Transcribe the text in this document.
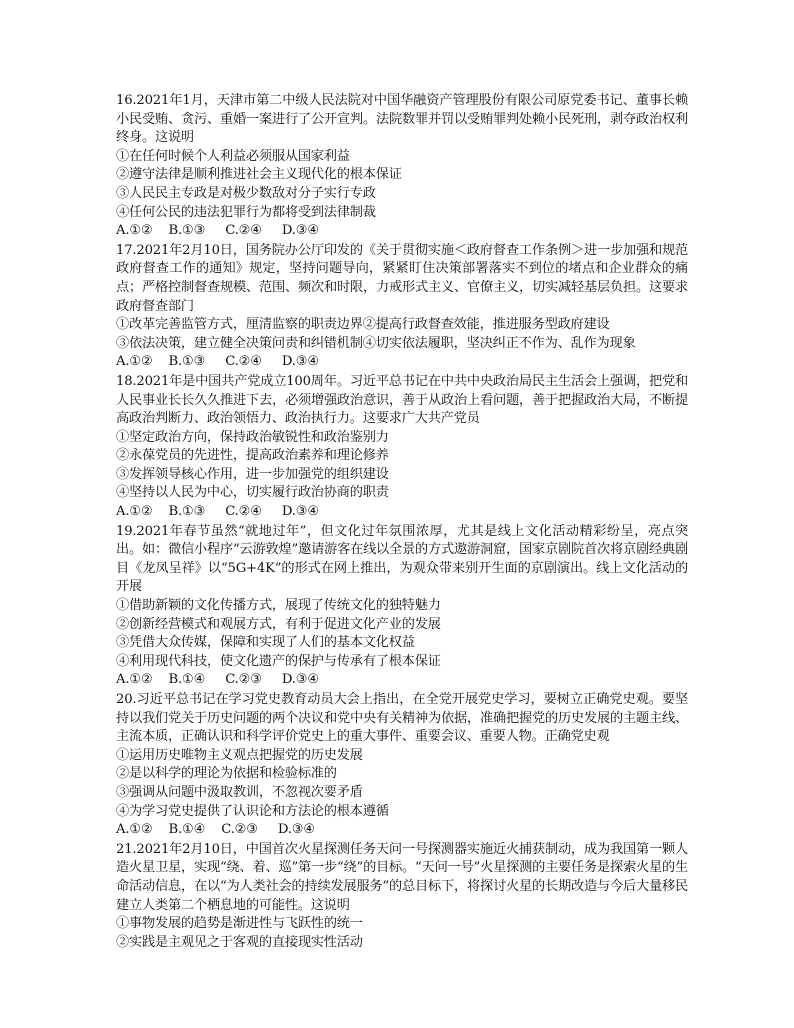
16.2021年1月，天津市第二中级人民法院对中国华融资产管理股份有限公司原党委书记、董事长赖小民受贿、贪污、重婚一案进行了公开宣判。法院数罪并罚以受贿罪判处赖小民死刑，剥夺政治权利终身。这说明

①在任何时候个人利益必须服从国家利益

②遵守法律是顺利推进社会主义现代化的根本保证

③人民民主专政是对极少数敌对分子实行专政

④任何公民的违法犯罪行为都将受到法律制裁

A.①②    B.①③     C.②④     D.③④

17.2021年2月10日，国务院办公厅印发的《关于贯彻实施＜政府督查工作条例＞进一步加强和规范政府督查工作的通知》规定，坚持问题导向，紧紧盯住决策部署落实不到位的堵点和企业群众的痛点；严格控制督查规模、范围、频次和时限，力戒形式主义、官僚主义，切实减轻基层负担。这要求政府督查部门

①改革完善监管方式，厘清监察的职责边界②提高行政督查效能，推进服务型政府建设

③依法决策，建立健全决策问责和纠错机制④切实依法履职，坚决纠正不作为、乱作为现象

A.①②    B.①③     C.②④     D.③④

18.2021年是中国共产党成立100周年。习近平总书记在中共中央政治局民主生活会上强调，把党和人民事业长长久久推进下去，必须增强政治意识，善于从政治上看问题，善于把握政治大局，不断提高政治判断力、政治领悟力、政治执行力。这要求广大共产党员

①坚定政治方向，保持政治敏锐性和政治鉴别力

②永葆党员的先进性，提高政治素养和理论修养

③发挥领导核心作用，进一步加强党的组织建设

④坚持以人民为中心，切实履行政治协商的职责

A.①②    B.①③     C.②④     D.③④

19.2021年春节虽然“就地过年”，但文化过年氛围浓厚，尤其是线上文化活动精彩纷呈，亮点突出。如：微信小程序“云游敦煌”邀请游客在线以全景的方式遨游洞窟，国家京剧院首次将京剧经典剧目《龙凤呈祥》以“5G+4K”的形式在网上推出，为观众带来别开生面的京剧演出。线上文化活动的开展

①借助新颖的文化传播方式，展现了传统文化的独特魅力

②创新经营模式和观展方式，有利于促进文化产业的发展

③凭借大众传媒，保障和实现了人们的基本文化权益

④利用现代科技，使文化遗产的保护与传承有了根本保证

A.①②    B.①④     C.②③     D.③④

20.习近平总书记在学习党史教育动员大会上指出，在全党开展党史学习，要树立正确党史观。要坚持以我们党关于历史问题的两个决议和党中央有关精神为依据，准确把握党的历史发展的主题主线、主流本质，正确认识和科学评价党史上的重大事件、重要会议、重要人物。正确党史观

①运用历史唯物主义观点把握党的历史发展

②是以科学的理论为依据和检验标准的

③强调从问题中汲取教训，不忽视次要矛盾

④为学习党史提供了认识论和方法论的根本遵循

A.①②    B.①④    C.②③     D.③④

21.2021年2月10日，中国首次火星探测任务天问一号探测器实施近火捕获制动，成为我国第一颗人造火星卫星，实现“绕、着、巡”第一步“绕”的目标。“天问一号”火星探测的主要任务是探索火星的生命活动信息，在以“为人类社会的持续发展服务”的总目标下，将探讨火星的长期改造与今后大量移民建立人类第二个栖息地的可能性。这说明

①事物发展的趋势是渐进性与飞跃性的统一

②实践是主观见之于客观的直接现实性活动
